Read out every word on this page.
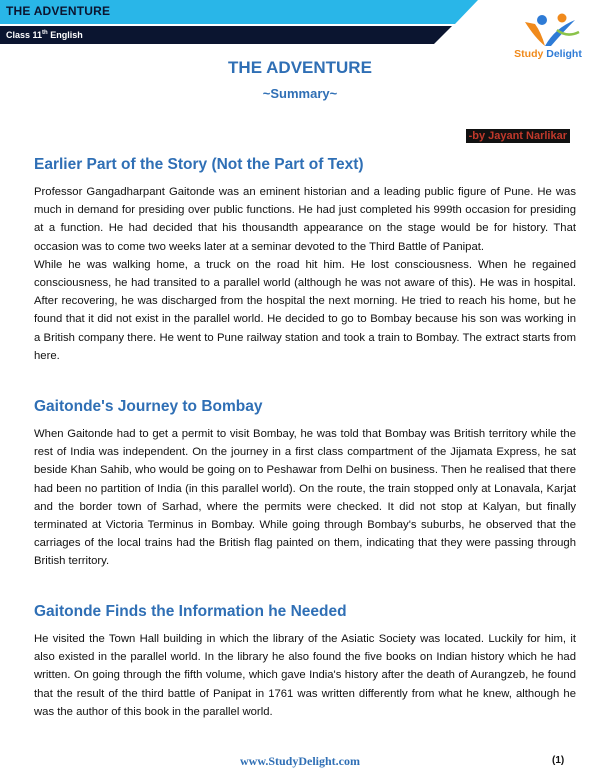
THE ADVENTURE
Class 11th English
Study Delight
THE ADVENTURE
~Summary~
-by Jayant Narlikar
Earlier Part of the Story (Not the Part of Text)

Professor Gangadharpant Gaitonde was an eminent historian and a leading public figure of Pune. He was much in demand for presiding over public functions. He had just completed his 999th occasion for presiding at a function. He had decided that his thousandth appearance on the stage would be for history. That occasion was to come two weeks later at a seminar devoted to the Third Battle of Panipat.

While he was walking home, a truck on the road hit him. He lost consciousness. When he regained consciousness, he had transited to a parallel world (although he was not aware of this). He was in hospital. After recovering, he was discharged from the hospital the next morning. He tried to reach his home, but he found that it did not exist in the parallel world. He decided to go to Bombay because his son was working in a British company there. He went to Pune railway station and took a train to Bombay. The extract starts from here.

Gaitonde's Journey to Bombay

When Gaitonde had to get a permit to visit Bombay, he was told that Bombay was British territory while the rest of India was independent. On the journey in a first class compartment of the Jijamata Express, he sat beside Khan Sahib, who would be going on to Peshawar from Delhi on business. Then he realised that there had been no partition of India (in this parallel world). On the route, the train stopped only at Lonavala, Karjat and the border town of Sarhad, where the permits were checked. It did not stop at Kalyan, but finally terminated at Victoria Terminus in Bombay. While going through Bombay's suburbs, he observed that the carriages of the local trains had the British flag painted on them, indicating that they were passing through British territory.

Gaitonde Finds the Information he Needed

He visited the Town Hall building in which the library of the Asiatic Society was located. Luckily for him, it also existed in the parallel world. In the library he also found the five books on Indian history which he had written. On going through the fifth volume, which gave India's history after the death of Aurangzeb, he found that the result of the third battle of Panipat in 1761 was written differently from what he knew, although he was the author of this book in the parallel world.

www.StudyDelight.com	(1)
